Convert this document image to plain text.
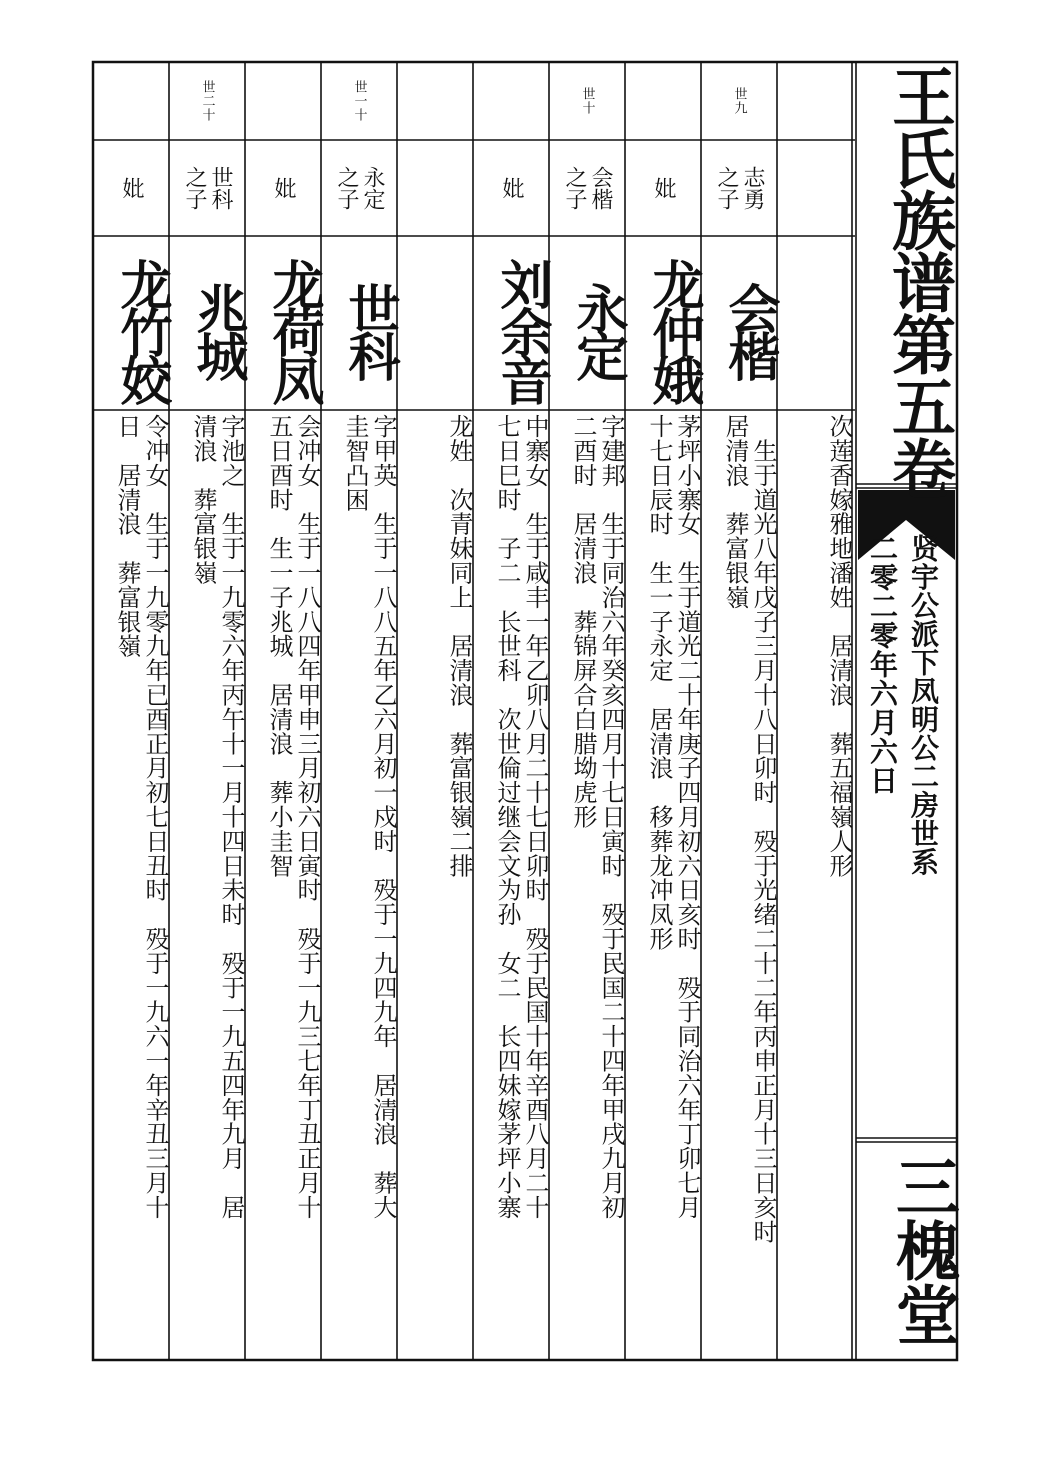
次莲香嫁雅地潘姓　居清浪　葬五福嶺人形
世九
志勇
之子
会楷
　生于道光八年戊子三月十八日卯时　殁于光绪二十二年丙申正月十三日亥时
居清浪　葬富银嶺
妣
龙仲娥
茅坪小寨女　生于道光二十年庚子四月初六日亥时　殁于同治六年丁卯七月
十七日辰时　生一子永定　居清浪　移葬龙冲凤形
世十
会楷
之子
永定
字建邦　生于同治六年癸亥四月十七日寅时　殁于民国二十四年甲戌九月初
二酉时　居清浪　葬锦屏合白腊坳虎形
妣
刘余音
中寨女　生于咸丰一年乙卯八月二十七日卯时　殁于民国十年辛酉八月二十
七日巳时　子二　长世科　次世倫过继会文为孙　女二　长四妹嫁茅坪小寨
龙姓　次青妹同上　居清浪　葬富银嶺二排
世一十
永定
之子
世科
字甲英　生于一八八五年乙六月初一戍时　殁于一九四九年　居清浪　葬大
圭智凸困
妣
龙荷凤
会冲女　生于一八八四年甲申三月初六日寅时　殁于一九三七年丁丑正月十
五日酉时　生一子兆城　居清浪　葬小圭智
世二十
世科
之子
兆城
字池之　生于一九零六年丙午十一月十四日未时　殁于一九五四年九月　居
清浪　葬富银嶺
妣
龙竹姣
令冲女　生于一九零九年已酉正月初七日丑时　殁于一九六一年辛丑三月十
日　居清浪　葬富银嶺
王氏族谱第五卷
贤宇公派下凤明公二房世系
二零二零年六月六日
三槐堂
